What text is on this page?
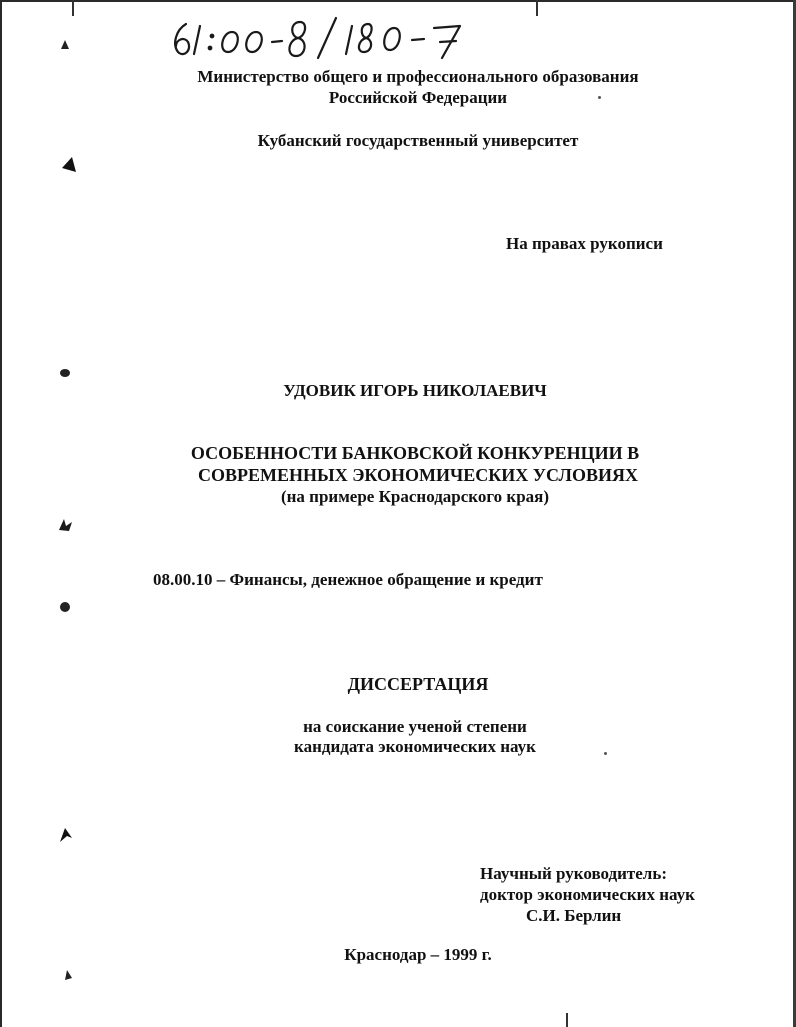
Министерство общего и профессионального образования
Российской Федерации
Кубанский государственный университет
На правах рукописи
УДОВИК ИГОРЬ НИКОЛАЕВИЧ
ОСОБЕННОСТИ БАНКОВСКОЙ КОНКУРЕНЦИИ В
СОВРЕМЕННЫХ ЭКОНОМИЧЕСКИХ УСЛОВИЯХ
(на примере Краснодарского края)
08.00.10 – Финансы, денежное обращение и кредит
ДИССЕРТАЦИЯ
на соискание ученой степени
кандидата экономических наук
Научный руководитель:
доктор экономических наук
С.И. Берлин
Краснодар – 1999 г.
